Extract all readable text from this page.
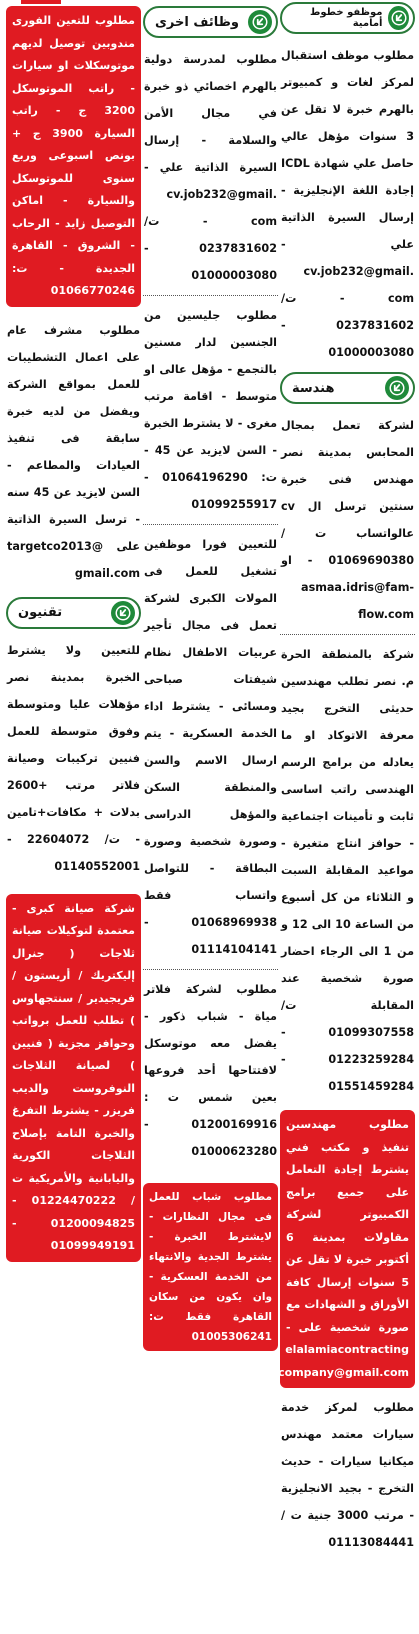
موظفو خطوط أمامية

مطلوب موظف استقبال لمركز لغات و كمبيوتر بالهرم خبرة لا تقل عن 3 سنوات مؤهل عالي حاصل علي شهادة ICDL إجادة اللغة الإنجليزية - إرسال السيرة الذاتية علي - cv.job232@gmail. com - ت/ 0237831602 - 01000003080

هندسة

لشركة تعمل بمجال المحابس بمدينة نصر مهندس فنى خبرة سنتين ترسل ال cv عالواتساب ت / 01069690380 - او asmaa.idris@fam- flow.com

شركة بالمنطقة الحرة م. نصر تطلب مهندسين حديثى التخرج بجيد معرفة الاتوكاد او ما يعادله من برامج الرسم الهندسى راتب اساسى ثابت و تأمينات اجتماعية - حوافز انتاج متغيرة - مواعيد المقابلة السبت و الثلاثاء من كل أسبوع من الساعة 10 الى 12 و من 1 الى الرجاء احضار صورة شخصية عند المقابلة ت/ 01099307558 - 01223259284 - 01551459284

مطلوب مهندسين تنفيذ و مكتب فني يشترط إجادة التعامل على جميع برامج الكمبيوتر لشركة مقاولات بمدينة 6 أكتوبر خبرة لا تقل عن 5 سنوات إرسال كافة الأوراق و الشهادات مع صورة شخصية على - elalamiacontracting company@gmail.com

مطلوب لمركز خدمة سيارات معتمد مهندس ميكانيا سيارات - حديث التخرج - بجيد الانجليزية - مرتب 3000 جنية ت / 01113084441

وظائف اخرى

مطلوب لمدرسة دولية بالهرم اخصائي ذو خبرة في مجال الأمن والسلامة - إرسال السيرة الذاتية علي - cv.job232@gmail. com - ت/ 0237831602 - 01000003080

مطلوب جليسين من الجنسين لدار مسنين بالتجمع - مؤهل عالى او متوسط - اقامة مرتب مغرى - لا يشترط الخبرة - السن لايزيد عن 45 - ت: 01064196290 - 01099255917

للتعيين فورا موظفين تشغيل للعمل فى المولات الكبرى لشركة تعمل فى مجال تأجير عربيات الاطفال نظام شيفتات صباحى ومسائى - يشترط اداء الخدمة العسكرية - يتم ارسال الاسم والسن والمنطقة السكن والمؤهل الدراسى وصورة شخصية وصورة البطاقة - للتواصل واتساب فقط 01068969938 - 01114104141

مطلوب لشركة فلاتر مياة - شباب ذكور - يفضل معه موتوسكل لافتتاحها أحد فروعها بعين شمس ت : 01200169916 - 01000623280

مطلوب شباب للعمل فى مجال النظارات - لايشترط الخبرة - يشترط الجدية والانتهاء من الخدمة العسكرية - وان يكون من سكان القاهرة فقط ت: 01005306241

مطلوب للتعين الفورى مندوبين توصيل لديهم موتوسكلات او سيارات - راتب الموتوسكل 3200 ج - راتب السيارة 3900 ج + بونص اسبوعى وربع سنوى للموتوسكل والسيارة - اماكن التوصيل زايد - الرحاب - الشروق - القاهرة الجديدة - ت: 01066770246

مطلوب مشرف عام على اعمال التشطيبات للعمل بمواقع الشركة ويفضل من لديه خبرة سابقة فى تنفيذ العيادات والمطاعم - السن لايزيد عن 45 سنه - ترسل السيرة الذاتية على targetco2013@ gmail.com

تقنيون

للتعيين ولا يشترط الخبرة بمدينة نصر مؤهلات عليا ومتوسطة وفوق متوسطة للعمل فنيين تركيبات وصيانة فلاتر مرتب +2600 بدلات + مكافات+تامين - ت/ 22604072 - 01140552001

شركة صيانة كبرى - معتمدة لتوكيلات صيانة ثلاجات ( جنرال إليكتريك / أريستون / فريجيدير / سنتجهاوس ) تطلب للعمل برواتب وحوافز مجزية ( فنيين ) لصيانة الثلاجات النوفروست والديب فريزر - يشترط التفرغ والخبرة التامة بإصلاح الثلاجات الكورية واليابانية والأمريكية ت / 01224470222 - 01200094825 - 01099949191
